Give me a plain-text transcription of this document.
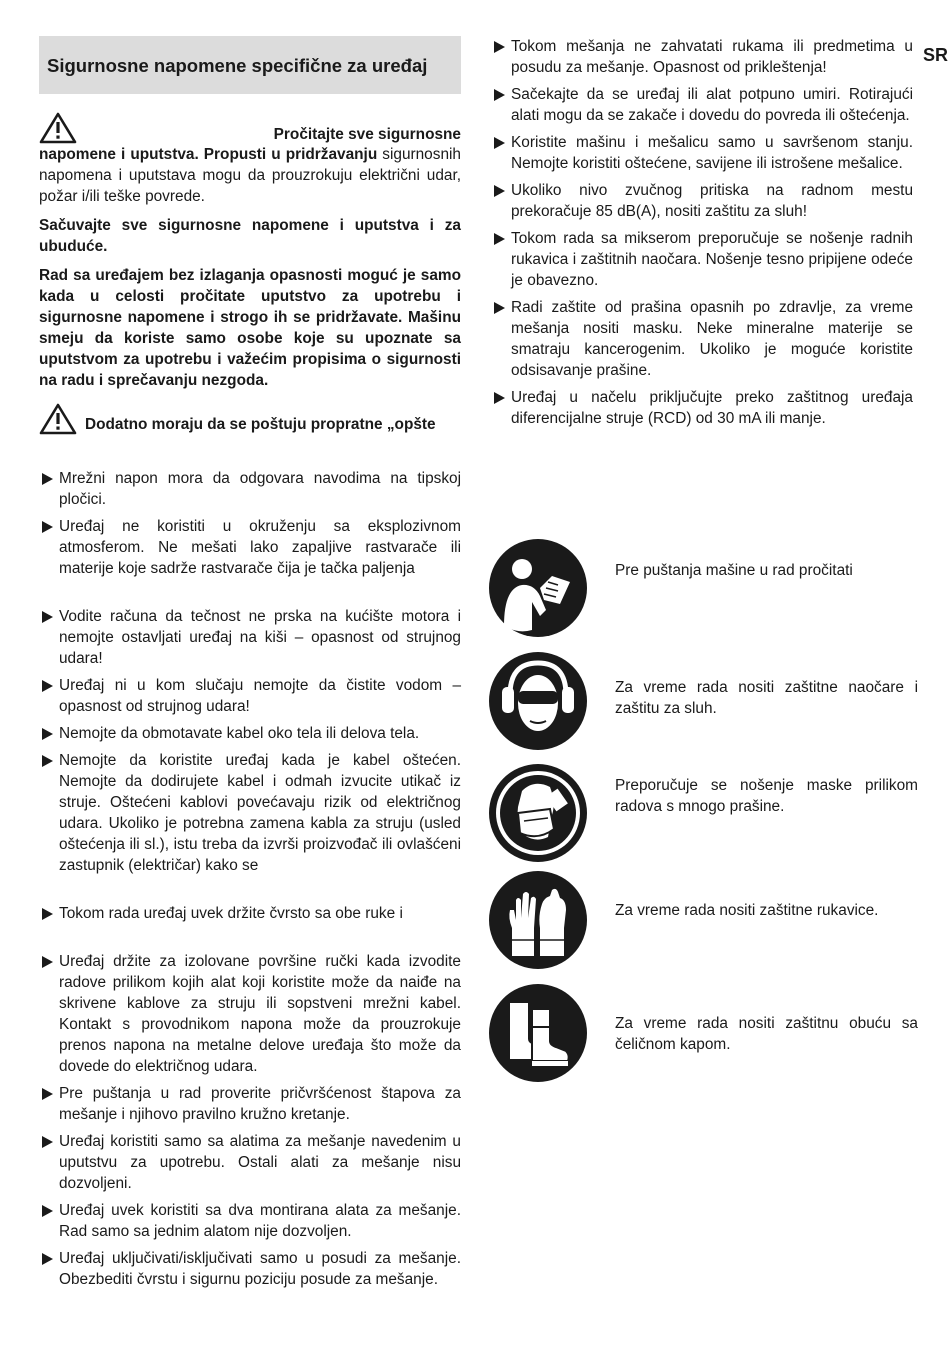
SR
Sigurnosne napomene specifične za uređaj
Pročitajte sve sigurnosne

napomene i uputstva. Propusti u pridržavanju sigurnosnih napomena i uputstava mogu da prouzrokuju električni udar, požar i/ili teške povrede.

Sačuvajte sve sigurnosne napomene i uputstva i za ubuduće.

Rad sa uređajem bez izlaganja opasnosti moguć je samo kada u celosti pročitate uputstvo za upotrebu i sigurnosne napomene i strogo ih se pridržavate. Mašinu smeju da koriste samo osobe koje su upoznate sa uputstvom za upotrebu i važećim propisima o sigurnosti na radu i sprečavanju nezgoda.

Dodatno moraju da se poštuju propratne „opšte
Mrežni napon mora da odgovara navodima na tipskoj pločici.
Uređaj ne koristiti u okruženju sa eksplozivnom atmosferom. Ne mešati lako zapaljive rastvarače ili materije koje sadrže rastvarače čija je tačka paljenja
Vodite računa da tečnost ne prska na kućište motora i nemojte ostavljati uređaj na kiši – opasnost od strujnog udara!
Uređaj ni u kom slučaju nemojte da čistite vodom – opasnost od strujnog udara!
Nemojte da obmotavate kabel oko tela ili delova tela.
Nemojte da koristite uređaj kada je kabel oštećen. Nemojte da dodirujete kabel i odmah izvucite utikač iz struje. Oštećeni kablovi povećavaju rizik od električnog udara. Ukoliko je potrebna zamena kabla za struju (usled oštećenja ili sl.), istu treba da izvrši proizvođač ili ovlašćeni zastupnik (električar) kako se
Tokom rada uređaj uvek držite čvrsto sa obe ruke i
Uređaj držite za izolovane površine ručki kada izvodite radove prilikom kojih alat koji koristite može da naiđe na skrivene kablove za struju ili sopstveni mrežni kabel. Kontakt s provodnikom napona može da prouzrokuje prenos napona na metalne delove uređaja što može da dovede do električnog udara.
Pre puštanja u rad proverite pričvršćenost štapova za mešanje i njihovo pravilno kružno kretanje.
Uređaj koristiti samo sa alatima za mešanje navedenim u uputstvu za upotrebu. Ostali alati za mešanje nisu dozvoljeni.
Uređaj uvek koristiti sa dva montirana alata za mešanje. Rad samo sa jednim alatom nije dozvoljen.
Uređaj uključivati/isključivati samo u posudi za mešanje. Obezbediti čvrstu i sigurnu poziciju posude za mešanje.
Tokom mešanja ne zahvatati rukama ili predmetima u posudu za mešanje. Opasnost od prikleštenja!
Sačekajte da se uređaj ili alat potpuno umiri. Rotirajući alati mogu da se zakače i dovedu do povreda ili oštećenja.
Koristite mašinu i mešalicu samo u savršenom stanju. Nemojte koristiti oštećene, savijene ili istrošene mešalice.
Ukoliko nivo zvučnog pritiska na radnom mestu prekoračuje 85 dB(A), nositi zaštitu za sluh!
Tokom rada sa mikserom preporučuje se nošenje radnih rukavica i zaštitnih naočara. Nošenje tesno pripijene odeće je obavezno.
Radi zaštite od prašina opasnih po zdravlje, za vreme mešanja nositi masku. Neke mineralne materije se smatraju kancerogenim. Ukoliko je moguće koristite odsisavanje prašine.
Uređaj u načelu priključujte preko zaštitnog uređaja diferencijalne struje (RCD) od 30 mA ili manje.
Pre puštanja mašine u rad pročitati
Za vreme rada nositi zaštitne naočare i zaštitu za sluh.
Preporučuje se nošenje maske prilikom radova s mnogo prašine.
Za vreme rada nositi zaštitne rukavice.
Za vreme rada nositi zaštitnu obuću sa čeličnom kapom.
